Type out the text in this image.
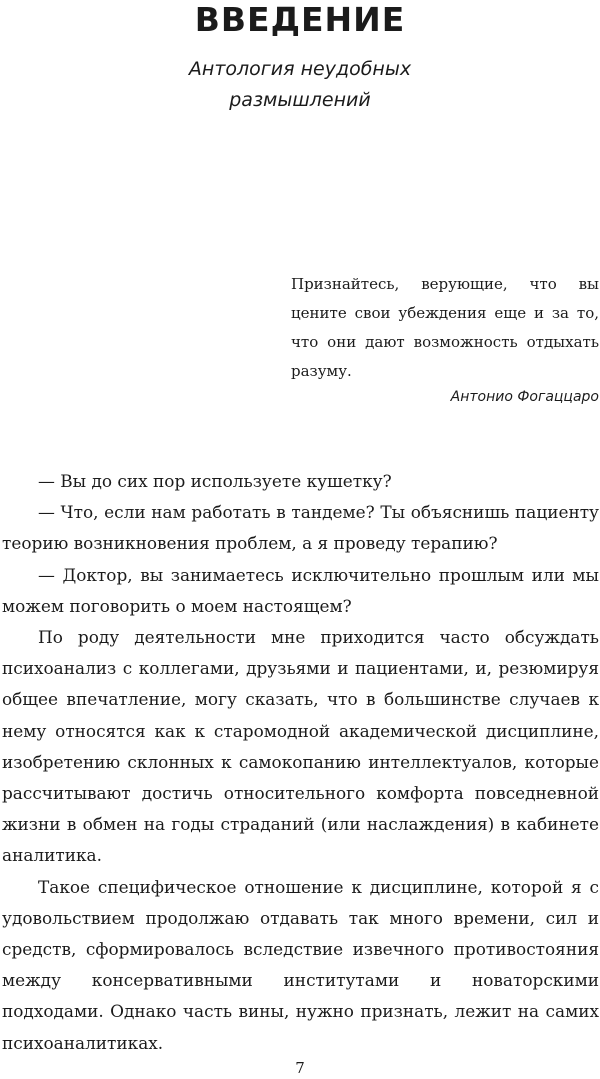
ВВЕДЕНИЕ
Антология неудобных
размышлений
Признайтесь, верующие, что вы цените свои убеждения еще и за то, что они дают возможность отдыхать разуму.
Антонио Фогаццаро

— Вы до сих пор используете кушетку?

— Что, если нам работать в тандеме? Ты объяснишь пациенту теорию возникновения проблем, а я проведу терапию?

— Доктор, вы занимаетесь исключительно прошлым или мы можем поговорить о моем настоящем?

По роду деятельности мне приходится часто обсуждать психоанализ с коллегами, друзьями и пациентами, и, резюмируя общее впечатление, могу сказать, что в большинстве случаев к нему относятся как к старомодной академической дисциплине, изобретению склонных к самокопанию интеллектуалов, которые рассчитывают достичь относительного комфорта повседневной жизни в обмен на годы страданий (или наслаждения) в кабинете аналитика.

Такое специфическое отношение к дисциплине, которой я с удовольствием продолжаю отдавать так много времени, сил и средств, сформировалось вследствие извечного противостояния между консервативными институтами и новаторскими подходами. Однако часть вины, нужно признать, лежит на самих психоаналитиках.

7
